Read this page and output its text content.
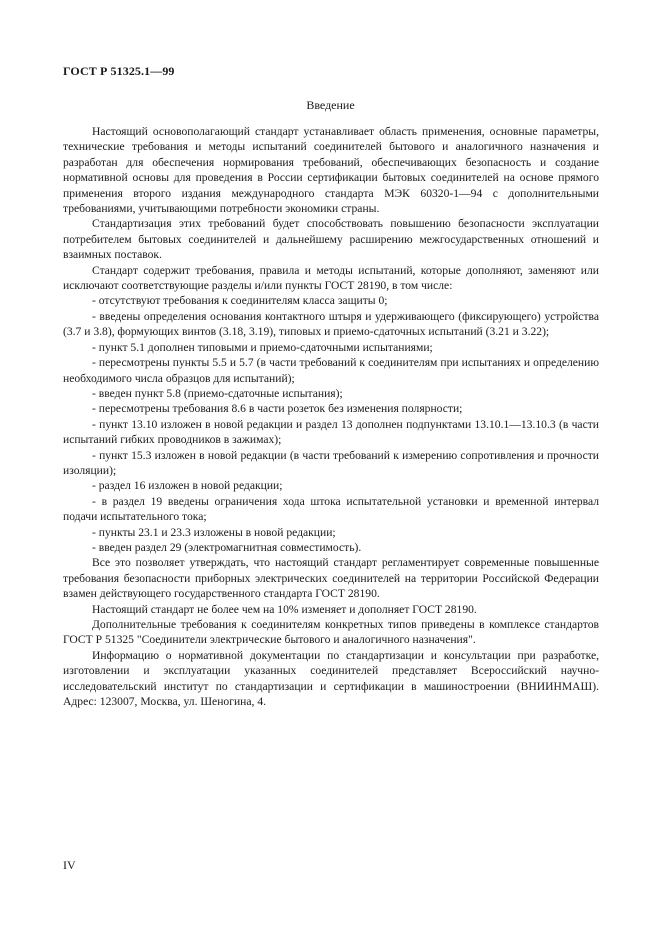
ГОСТ Р 51325.1—99
Введение

Настоящий основополагающий стандарт устанавливает область применения, основные параметры, технические требования и методы испытаний соединителей бытового и аналогичного назначения и разработан для обеспечения нормирования требований, обеспечивающих безопасность и создание нормативной основы для проведения в России сертификации бытовых соединителей на основе прямого применения второго издания международного стандарта МЭК 60320-1—94 с дополнительными требованиями, учитывающими потребности экономики страны.

Стандартизация этих требований будет способствовать повышению безопасности эксплуатации потребителем бытовых соединителей и дальнейшему расширению межгосударственных отношений и взаимных поставок.

Стандарт содержит требования, правила и методы испытаний, которые дополняют, заменяют или исключают соответствующие разделы и/или пункты ГОСТ 28190, в том числе:

- отсутствуют требования к соединителям класса защиты 0;

- введены определения основания контактного штыря и удерживающего (фиксирующего) устройства (3.7 и 3.8), формующих винтов (3.18, 3.19), типовых и приемо-сдаточных испытаний (3.21 и 3.22);

- пункт 5.1 дополнен типовыми и приемо-сдаточными испытаниями;

- пересмотрены пункты 5.5 и 5.7 (в части требований к соединителям при испытаниях и определению необходимого числа образцов для испытаний);

- введен пункт 5.8 (приемо-сдаточные испытания);

- пересмотрены требования 8.6 в части розеток без изменения полярности;

- пункт 13.10 изложен в новой редакции и раздел 13 дополнен подпунктами 13.10.1—13.10.3 (в части испытаний гибких проводников в зажимах);

- пункт 15.3 изложен в новой редакции (в части требований к измерению сопротивления и прочности изоляции);

- раздел 16 изложен в новой редакции;

- в раздел 19 введены ограничения хода штока испытательной установки и временной интервал подачи испытательного тока;

- пункты 23.1 и 23.3 изложены в новой редакции;

- введен раздел 29 (электромагнитная совместимость).

Все это позволяет утверждать, что настоящий стандарт регламентирует современные повышенные требования безопасности приборных электрических соединителей на территории Российской Федерации взамен действующего государственного стандарта ГОСТ 28190.

Настоящий стандарт не более чем на 10% изменяет и дополняет ГОСТ 28190.

Дополнительные требования к соединителям конкретных типов приведены в комплексе стандартов ГОСТ Р 51325 "Соединители электрические бытового и аналогичного назначения".

Информацию о нормативной документации по стандартизации и консультации при разработке, изготовлении и эксплуатации указанных соединителей представляет Всероссийский научно-исследовательский институт по стандартизации и сертификации в машиностроении (ВНИИНМАШ). Адрес: 123007, Москва, ул. Шеногина, 4.

IV
